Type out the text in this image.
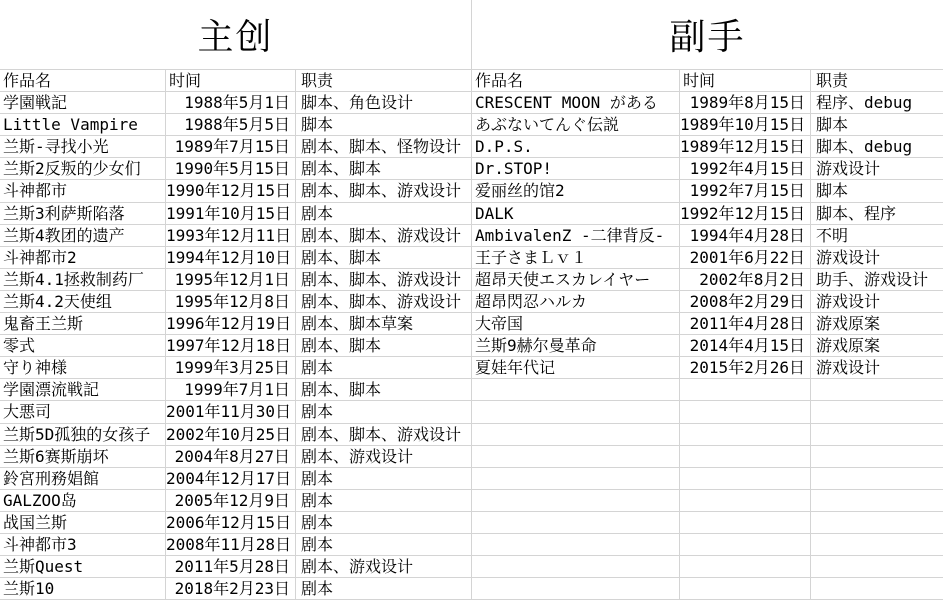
主创
作品名	时间	职责
学園戦記	1988年5月1日 脚本、角色设计
Little Vampire	1988年5月5日 脚本
兰斯-寻找小光	1989年7月15日 剧本、脚本、怪物设计
兰斯2反叛的少女们	1990年5月15日 剧本、脚本
斗神都市	1990年12月15日 剧本、脚本、游戏设计
兰斯3利萨斯陷落	1991年10月15日 剧本
兰斯4教团的遗产	1993年12月11日 剧本、脚本、游戏设计
斗神都市2	1994年12月10日 剧本、脚本
兰斯4.1拯救制药厂	1995年12月1日 剧本、脚本、游戏设计
兰斯4.2天使组	1995年12月8日 剧本、脚本、游戏设计
鬼畜王兰斯	1996年12月19日 剧本、脚本草案
零式	1997年12月18日 剧本、脚本
守り神様	1999年3月25日 剧本
学園漂流戦記	1999年7月1日 剧本、脚本
大悪司	2001年11月30日 剧本
兰斯5D孤独的女孩子 2002年10月25日 剧本、脚本、游戏设计
兰斯6赛斯崩坏	2004年8月27日 剧本、游戏设计
鈴宮刑務娼館	2004年12月17日 剧本
GALZOO岛	2005年12月9日 剧本
战国兰斯	2006年12月15日 剧本
斗神都市3	2008年11月28日 剧本
兰斯Quest	2011年5月28日 剧本、游戏设计
兰斯10	2018年2月23日 剧本
副手
作品名	时间	职责
CRESCENT MOON がある	1989年8月15日 程序、debug
あぶないてんぐ伝説	1989年10月15日 脚本
D.P.S.	1989年12月15日 脚本、debug
Dr.STOP!	1992年4月15日 游戏设计
爱丽丝的馆2	1992年7月15日 脚本
DALK	1992年12月15日 脚本、程序
AmbivalenZ -二律背反-	1994年4月28日 不明
王子さまＬｖ１	2001年6月22日 游戏设计
超昂天使エスカレイヤー	2002年8月2日 助手、游戏设计
超昂閃忍ハルカ	2008年2月29日 游戏设计
大帝国	2011年4月28日 游戏原案
兰斯9赫尔曼革命	2014年4月15日 游戏原案
夏娃年代记	2015年2月26日 游戏设计
